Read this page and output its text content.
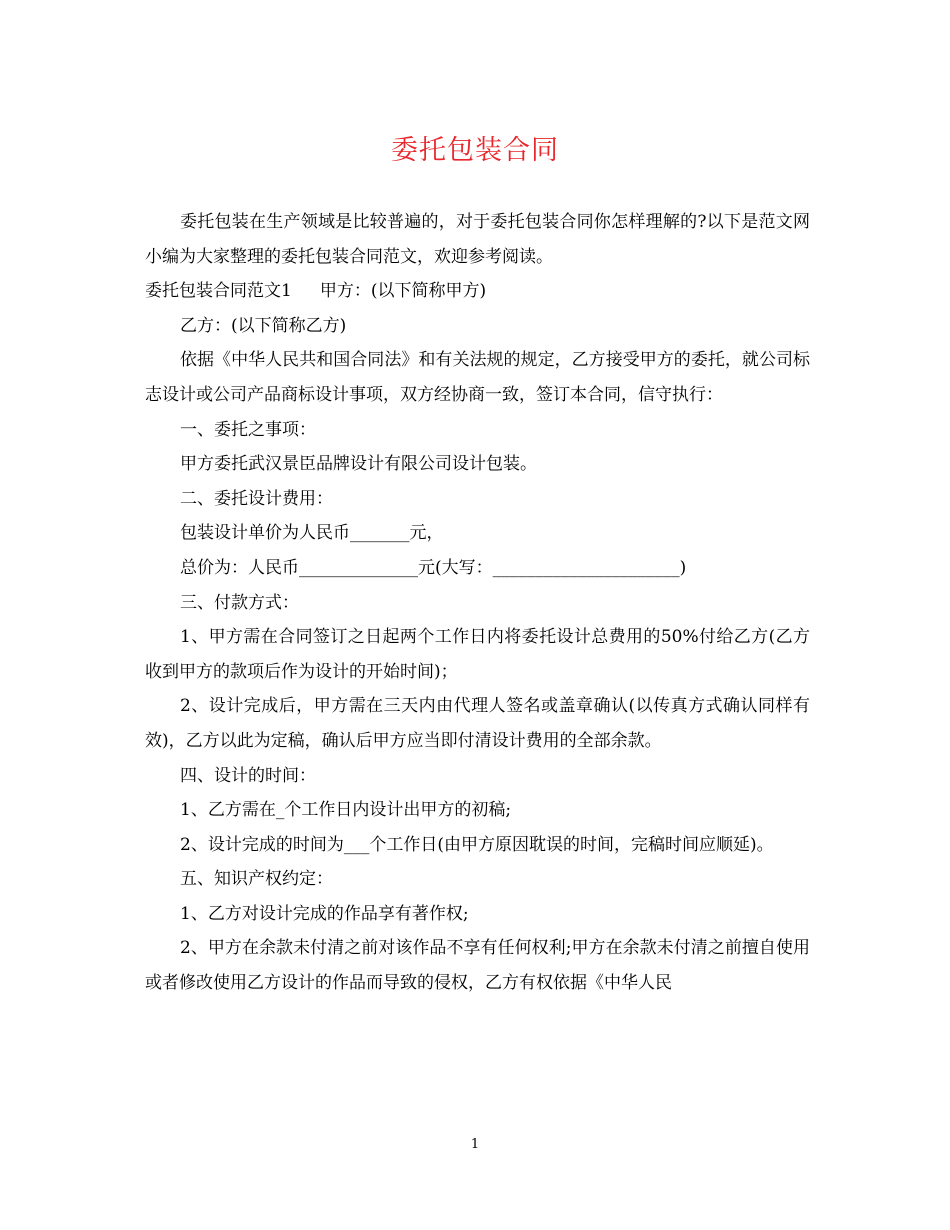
委托包装合同

委托包装在生产领域是比较普遍的，对于委托包装合同你怎样理解的?以下是范文网小编为大家整理的委托包装合同范文，欢迎参考阅读。

委托包装合同范文1 甲方：(以下简称甲方)

乙方：(以下简称乙方)

依据《中华人民共和国合同法》和有关法规的规定，乙方接受甲方的委托，就公司标志设计或公司产品商标设计事项，双方经协商一致，签订本合同，信守执行：

一、委托之事项：

甲方委托武汉景臣品牌设计有限公司设计包装。

二、委托设计费用：

包装设计单价为人民币_______元，

总价为：人民币______________元(大写：______________________)

三、付款方式：

1、甲方需在合同签订之日起两个工作日内将委托设计总费用的50%付给乙方(乙方收到甲方的款项后作为设计的开始时间)；

2、设计完成后，甲方需在三天内由代理人签名或盖章确认(以传真方式确认同样有效)，乙方以此为定稿，确认后甲方应当即付清设计费用的全部余款。

四、设计的时间：

1、乙方需在_个工作日内设计出甲方的初稿;

2、设计完成的时间为___个工作日(由甲方原因耽误的时间，完稿时间应顺延)。

五、知识产权约定：

1、乙方对设计完成的作品享有著作权;

2、甲方在余款未付清之前对该作品不享有任何权利;甲方在余款未付清之前擅自使用或者修改使用乙方设计的作品而导致的侵权，乙方有权依据《中华人民

1
